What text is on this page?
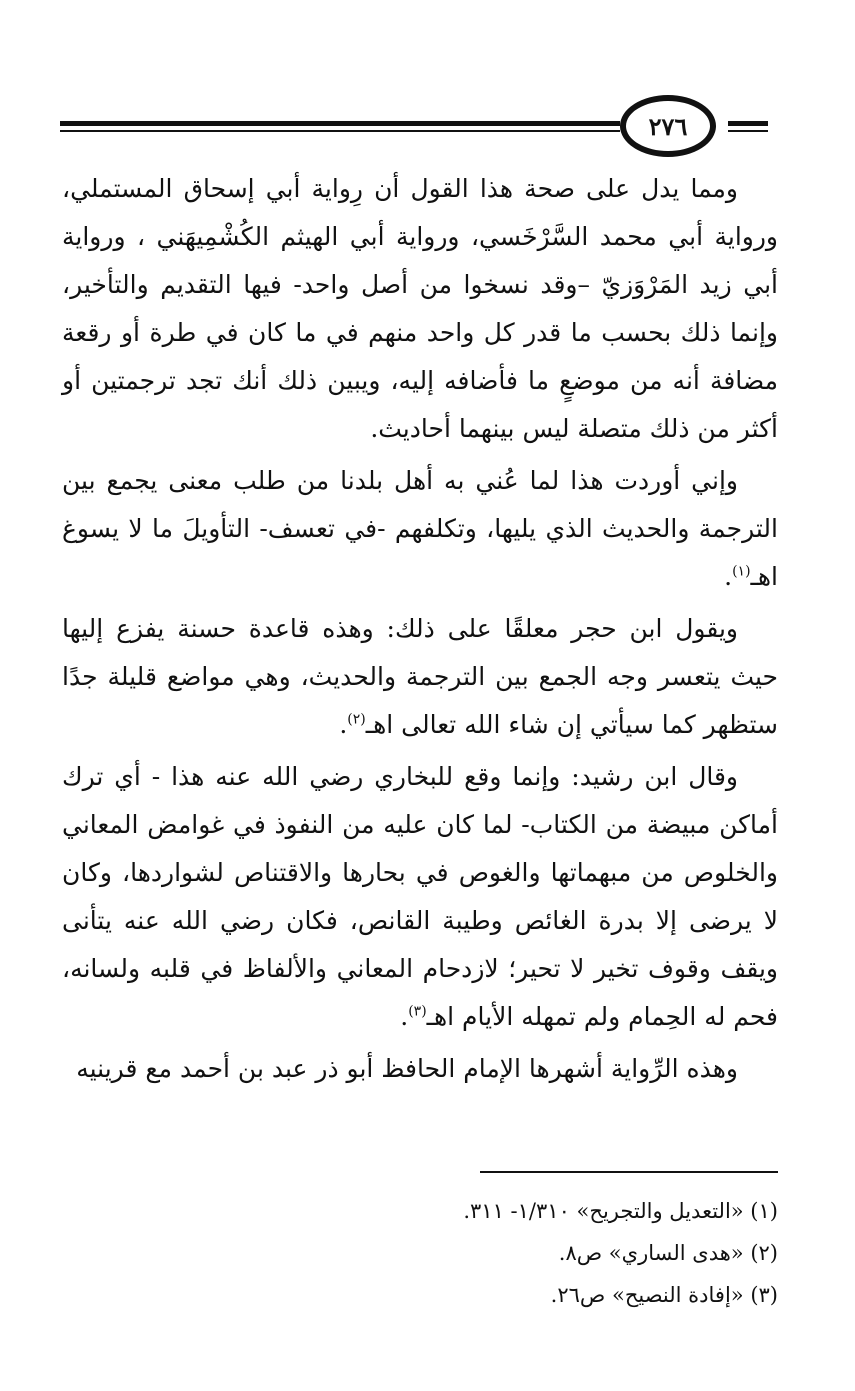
٢٧٦

ومما يدل على صحة هذا القول أن رِواية أبي إسحاق المستملي، ورواية أبي محمد السَّرْخَسي، ورواية أبي الهيثم الكُشْمِيهَني ، ورواية أبي زيد المَرْوَزيّ –وقد نسخوا من أصل واحد- فيها التقديم والتأخير، وإنما ذلك بحسب ما قدر كل واحد منهم في ما كان في طرة أو رقعة مضافة أنه من موضعٍ ما فأضافه إليه، ويبين ذلك أنك تجد ترجمتين أو أكثر من ذلك متصلة ليس بينهما أحاديث.

وإني أوردت هذا لما عُني به أهل بلدنا من طلب معنى يجمع بين الترجمة والحديث الذي يليها، وتكلفهم -في تعسف- التأويلَ ما لا يسوغ اهـ$^{(١)}$.

ويقول ابن حجر معلقًا على ذلك: وهذه قاعدة حسنة يفزع إليها حيث يتعسر وجه الجمع بين الترجمة والحديث، وهي مواضع قليلة جدًا ستظهر كما سيأتي إن شاء الله تعالى اهـ$^{(٢)}$.

وقال ابن رشيد: وإنما وقع للبخاري رضي الله عنه هذا - أي ترك أماكن مبيضة من الكتاب- لما كان عليه من النفوذ في غوامض المعاني والخلوص من مبهماتها والغوص في بحارها والاقتناص لشواردها، وكان لا يرضى إلا بدرة الغائص وطيبة القانص، فكان رضي الله عنه يتأنى ويقف وقوف تخير لا تحير؛ لازدحام المعاني والألفاظ في قلبه ولسانه، فحم له الحِمام ولم تمهله الأيام اهـ$^{(٣)}$.

وهذه الرِّواية أشهرها الإمام الحافظ أبو ذر عبد بن أحمد مع قرينيه

(١) «التعديل والتجريح» ١/٣١٠- ٣١١.
(٢) «هدى الساري» ص٨.
(٣) «إفادة النصيح» ص٢٦.
